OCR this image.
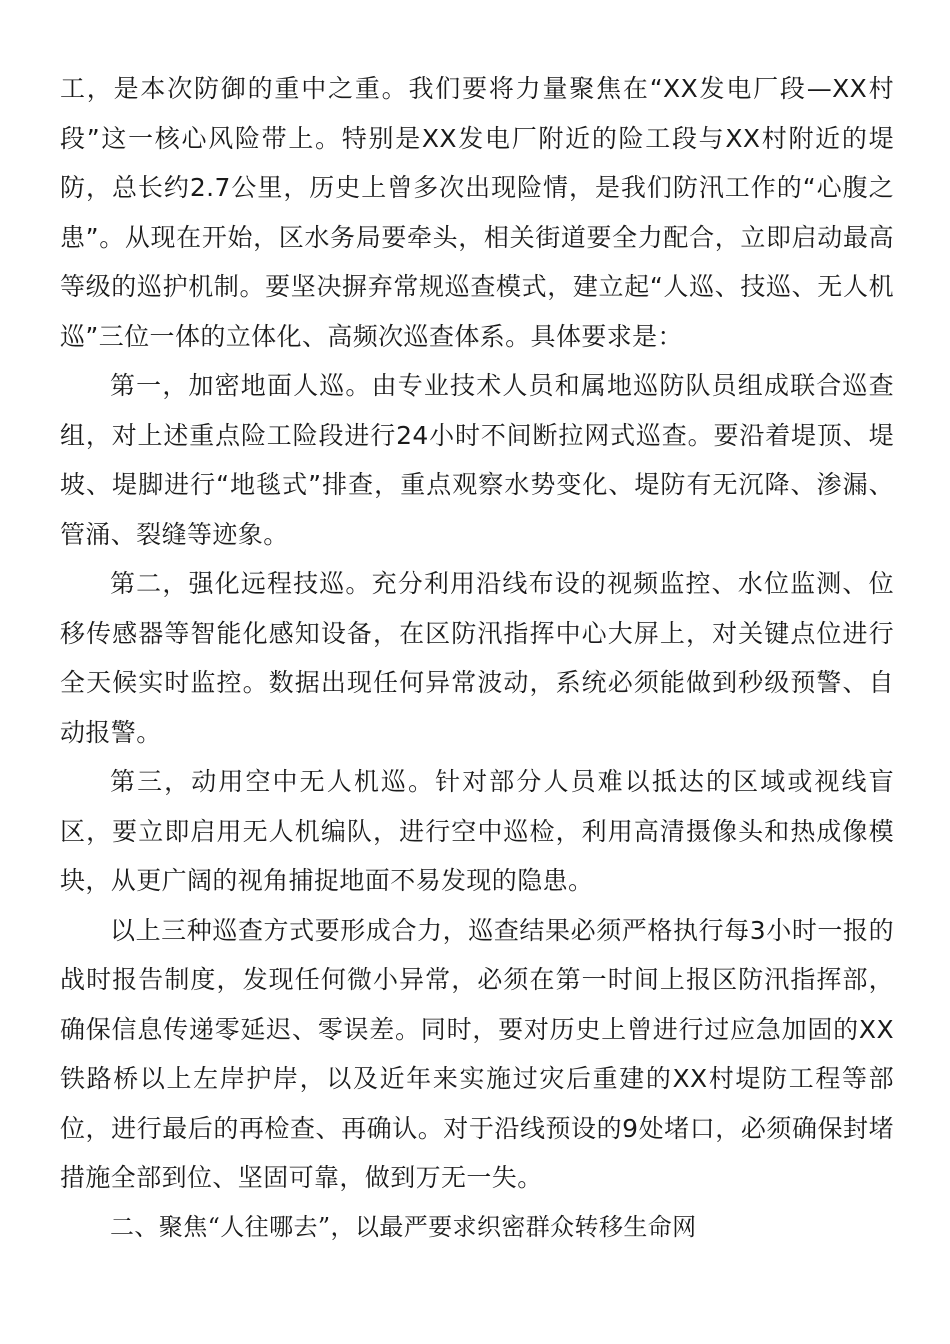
工，是本次防御的重中之重。我们要将力量聚焦在“XX发电厂段—XX村段”这一核心风险带上。特别是XX发电厂附近的险工段与XX村附近的堤防，总长约2.7公里，历史上曾多次出现险情，是我们防汛工作的“心腹之患”。从现在开始，区水务局要牵头，相关街道要全力配合，立即启动最高等级的巡护机制。要坚决摒弃常规巡查模式，建立起“人巡、技巡、无人机巡”三位一体的立体化、高频次巡查体系。具体要求是：

第一，加密地面人巡。由专业技术人员和属地巡防队员组成联合巡查组，对上述重点险工险段进行24小时不间断拉网式巡查。要沿着堤顶、堤坡、堤脚进行“地毯式”排查，重点观察水势变化、堤防有无沉降、渗漏、管涌、裂缝等迹象。

第二，强化远程技巡。充分利用沿线布设的视频监控、水位监测、位移传感器等智能化感知设备，在区防汛指挥中心大屏上，对关键点位进行全天候实时监控。数据出现任何异常波动，系统必须能做到秒级预警、自动报警。

第三，动用空中无人机巡。针对部分人员难以抵达的区域或视线盲区，要立即启用无人机编队，进行空中巡检，利用高清摄像头和热成像模块，从更广阔的视角捕捉地面不易发现的隐患。

以上三种巡查方式要形成合力，巡查结果必须严格执行每3小时一报的战时报告制度，发现任何微小异常，必须在第一时间上报区防汛指挥部，确保信息传递零延迟、零误差。同时，要对历史上曾进行过应急加固的XX铁路桥以上左岸护岸，以及近年来实施过灾后重建的XX村堤防工程等部位，进行最后的再检查、再确认。对于沿线预设的9处堵口，必须确保封堵措施全部到位、坚固可靠，做到万无一失。

二、聚焦“人往哪去”，以最严要求织密群众转移生命网
